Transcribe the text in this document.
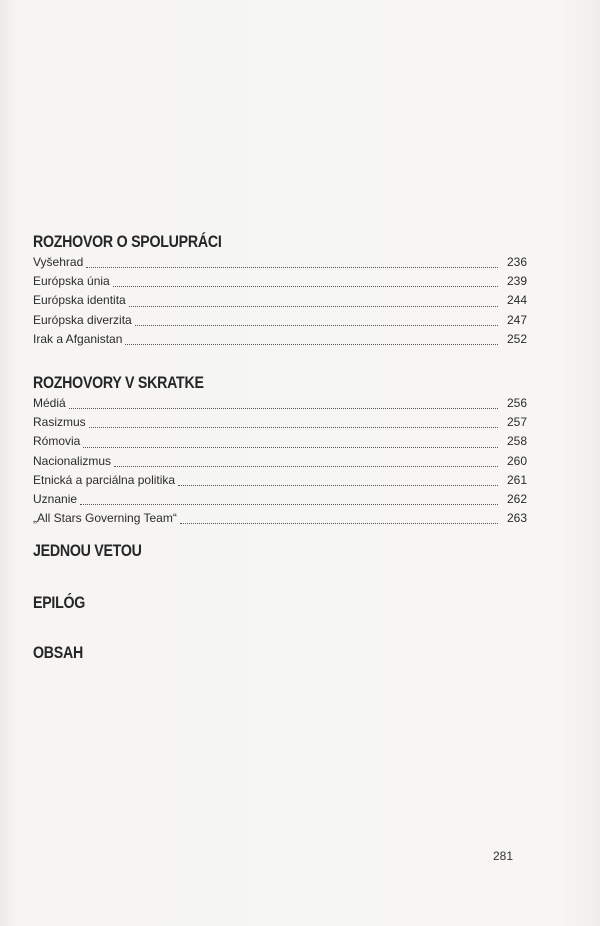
ROZHOVOR O SPOLUPRÁCI
Vyšehrad	236
Európska únia	239
Európska identita	244
Európska diverzita	247
Irak a Afganistan	252
ROZHOVORY V SKRATKE
Médiá	256
Rasizmus	257
Rómovia	258
Nacionalizmus	260
Etnická a parciálna politika	261
Uznanie	262
„All Stars Governing Team“	263
JEDNOU VETOU
EPILÓG
OBSAH
281
